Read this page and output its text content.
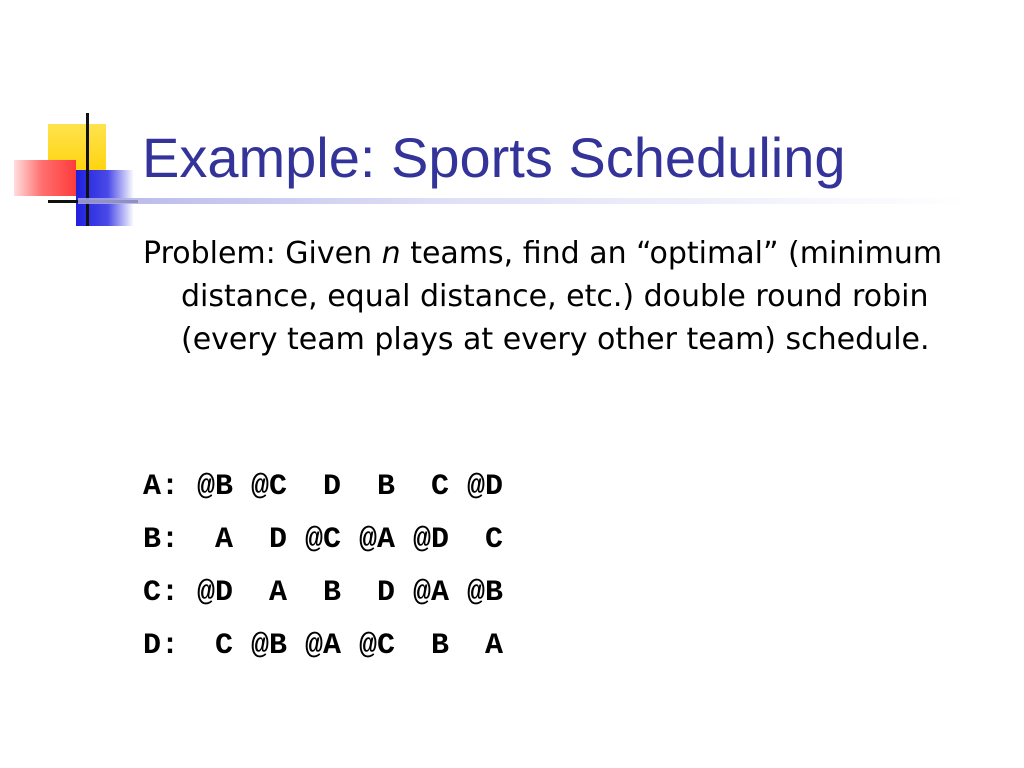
Example: Sports Scheduling

Problem: Given n teams, find an “optimal” (minimum distance, equal distance, etc.) double round robin (every team plays at every other team) schedule.

A: @B @C  D  B  C @D
B:  A  D @C @A @D  C
C: @D  A  B  D @A @B
D:  C @B @A @C  B  A
